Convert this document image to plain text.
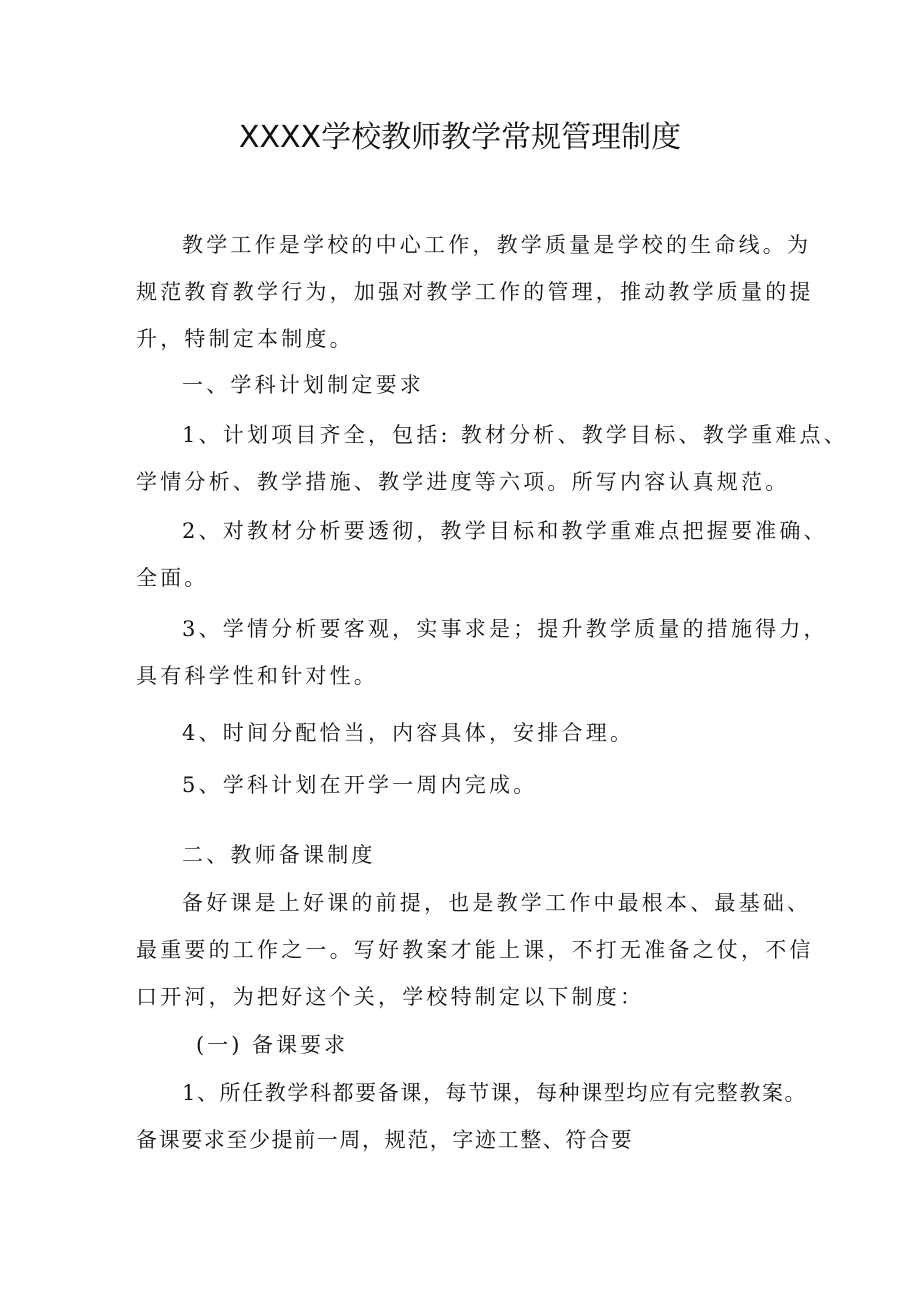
XXXX学校教师教学常规管理制度
教学工作是学校的中心工作，教学质量是学校的生命线。为
规范教育教学行为，加强对教学工作的管理，推动教学质量的提
升，特制定本制度。
一、学科计划制定要求
1、计划项目齐全，包括: 教材分析、教学目标、教学重难点、
学情分析、教学措施、教学进度等六项。所写内容认真规范。
2、对教材分析要透彻，教学目标和教学重难点把握要准确、
全面。
3、学情分析要客观，实事求是；提升教学质量的措施得力，
具有科学性和针对性。
4、时间分配恰当，内容具体，安排合理。
5、学科计划在开学一周内完成。
二、教师备课制度
备好课是上好课的前提，也是教学工作中最根本、最基础、
最重要的工作之一。写好教案才能上课，不打无准备之仗，不信
口开河，为把好这个关，学校特制定以下制度：
(一) 备课要求
1、所任教学科都要备课，每节课，每种课型均应有完整教案。
备课要求至少提前一周，规范，字迹工整、符合要
